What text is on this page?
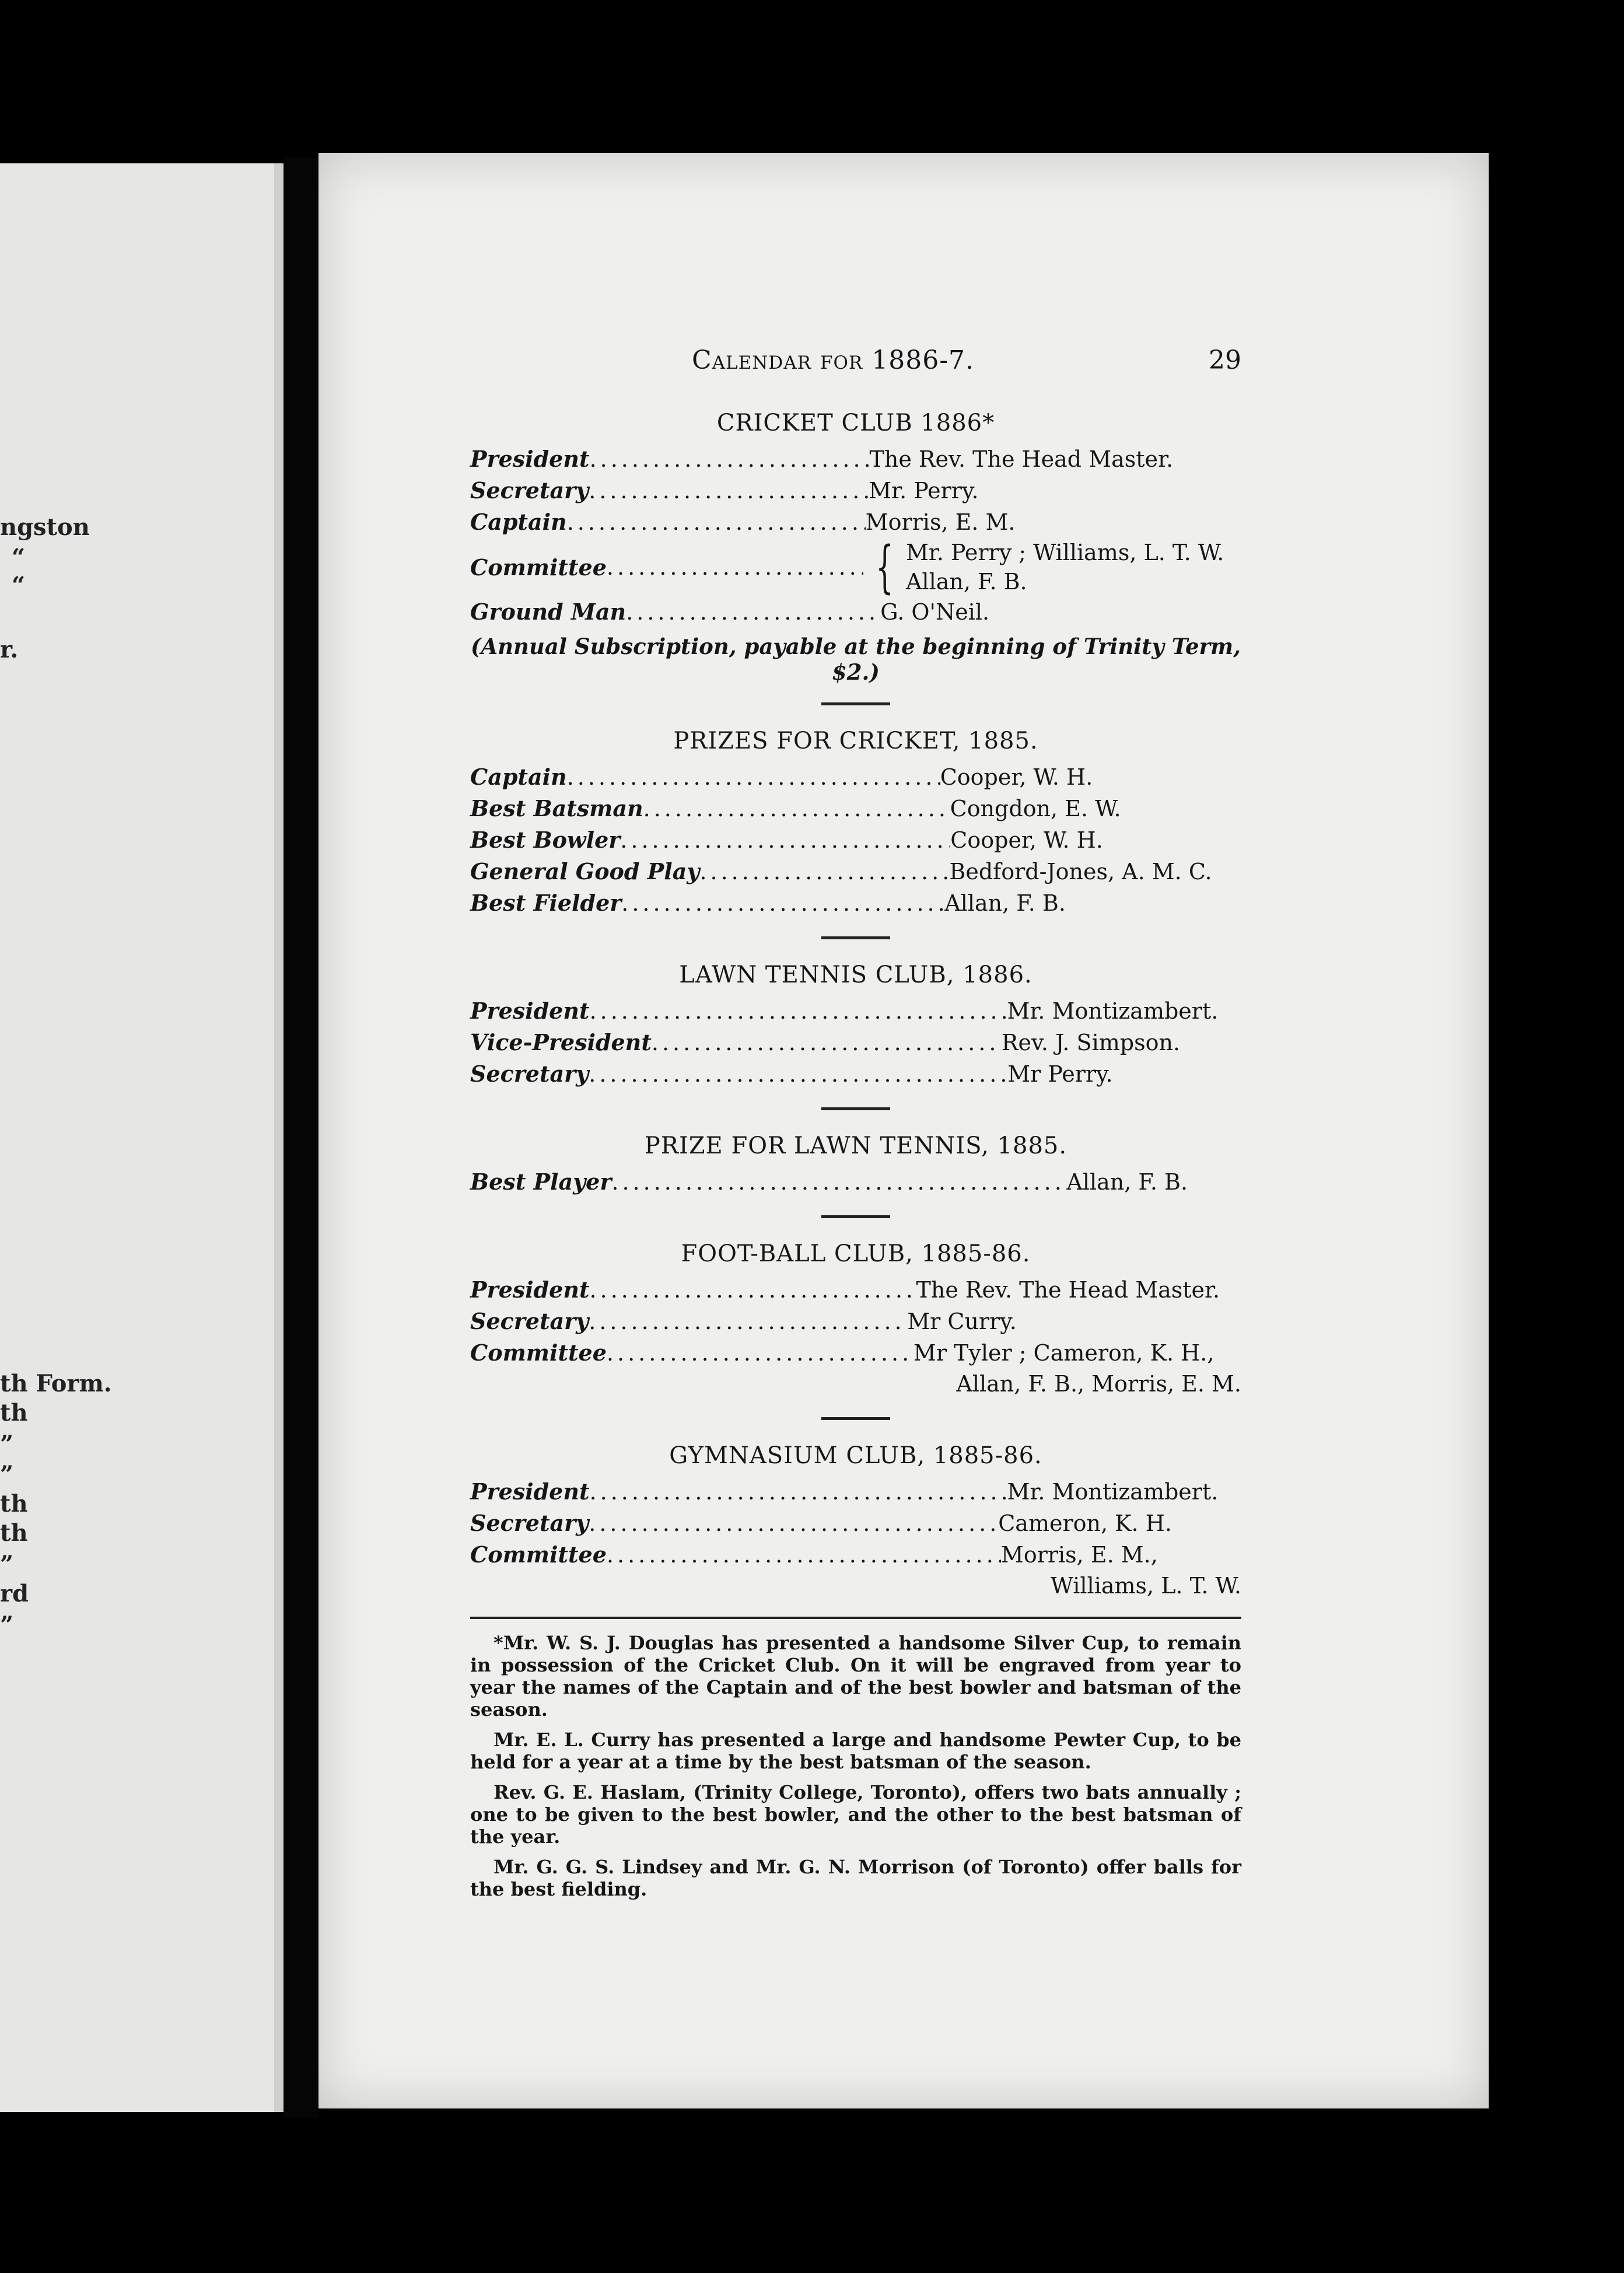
ngston
“
“
r.
th Form.
th
”
”
th
th
”
rd
”
Calendar for 1886-7.	29
CRICKET CLUB 1886*
President .....	The Rev. The Head Master.
Secretary .....	Mr. Perry.
Captain .....	Morris, E. M.
Committee .....	{ Mr. Perry ; Williams, L. T. W.
Allan, F. B.
Ground Man .....	G. O'Neil.
(Annual Subscription, payable at the beginning of Trinity Term, $2.)
PRIZES FOR CRICKET, 1885.
Captain .....	Cooper, W. H.
Best Batsman .....	Congdon, E. W.
Best Bowler .....	Cooper, W. H.
General Good Play .....	Bedford-Jones, A. M. C.
Best Fielder .....	Allan, F. B.
LAWN TENNIS CLUB, 1886.
President .....	Mr. Montizambert.
Vice-President .....	Rev. J. Simpson.
Secretary .....	Mr Perry.
PRIZE FOR LAWN TENNIS, 1885.
Best Player .....	Allan, F. B.
FOOT-BALL CLUB, 1885-86.
President .....	The Rev. The Head Master.
Secretary .....	Mr Curry.
Committee .....	Mr Tyler ; Cameron, K. H.,
Allan, F. B., Morris, E. M.
GYMNASIUM CLUB, 1885-86.
President .....	Mr. Montizambert.
Secretary .....	Cameron, K. H.
Committee .....	Morris, E. M.,
Williams, L. T. W.

*Mr. W. S. J. Douglas has presented a handsome Silver Cup, to remain in possession of the Cricket Club. On it will be engraved from year to year the names of the Captain and of the best bowler and batsman of the season.

Mr. E. L. Curry has presented a large and handsome Pewter Cup, to be held for a year at a time by the best batsman of the season.

Rev. G. E. Haslam, (Trinity College, Toronto), offers two bats annually ; one to be given to the best bowler, and the other to the best batsman of the year.

Mr. G. G. S. Lindsey and Mr. G. N. Morrison (of Toronto) offer balls for the best fielding.
